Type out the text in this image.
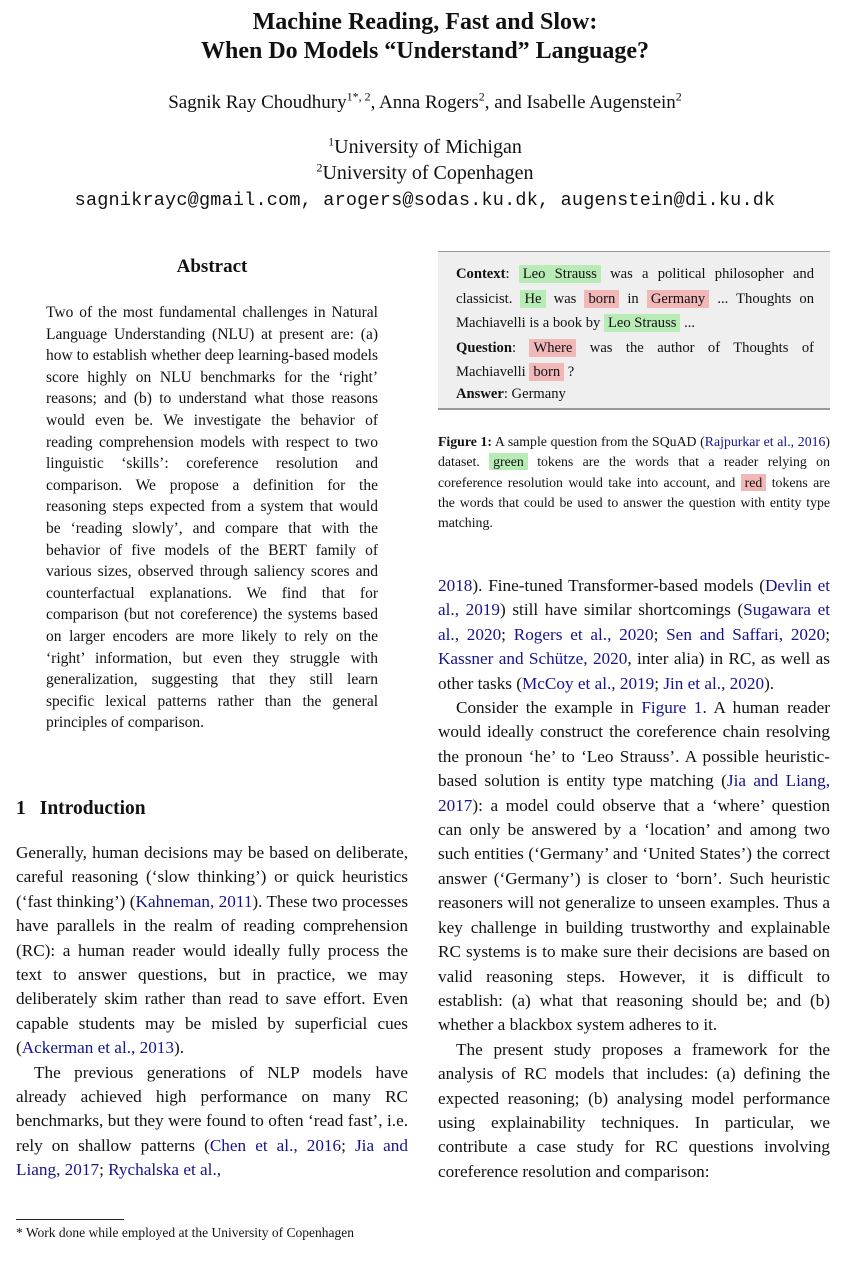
Machine Reading, Fast and Slow:
When Do Models “Understand” Language?
Sagnik Ray Choudhury$^{1*, 2}$, Anna Rogers$^2$, and Isabelle Augenstein$^2$
$^1$University of Michigan
$^2$University of Copenhagen
sagnikrayc@gmail.com, arogers@sodas.ku.dk, augenstein@di.ku.dk
Abstract
Two of the most fundamental challenges in Natural Language Understanding (NLU) at present are: (a) how to establish whether deep learning-based models score highly on NLU benchmarks for the ‘right’ reasons; and (b) to understand what those reasons would even be. We investigate the behavior of reading comprehension models with respect to two linguistic ‘skills’: coreference resolution and comparison. We propose a definition for the reasoning steps expected from a system that would be ‘reading slowly’, and compare that with the behavior of five models of the BERT family of various sizes, observed through saliency scores and counterfactual explanations. We find that for comparison (but not coreference) the systems based on larger encoders are more likely to rely on the ‘right’ information, but even they struggle with generalization, suggesting that they still learn specific lexical patterns rather than the general principles of comparison.
1 Introduction

Generally, human decisions may be based on deliberate, careful reasoning (‘slow thinking’) or quick heuristics (‘fast thinking’) (Kahneman, 2011). These two processes have parallels in the realm of reading comprehension (RC): a human reader would ideally fully process the text to answer questions, but in practice, we may deliberately skim rather than read to save effort. Even capable students may be misled by superficial cues (Ackerman et al., 2013).

The previous generations of NLP models have already achieved high performance on many RC benchmarks, but they were found to often ‘read fast’, i.e. rely on shallow patterns (Chen et al., 2016; Jia and Liang, 2017; Rychalska et al.,

* Work done while employed at the University of Copenhagen
Context: Leo Strauss was a political philosopher and classicist. He was born in Germany ... Thoughts on Machiavelli is a book by Leo Strauss ...
Question: Where was the author of Thoughts of Machiavelli born ?
Answer: Germany
Figure 1: A sample question from the SQuAD (Rajpurkar et al., 2016) dataset. green tokens are the words that a reader relying on coreference resolution would take into account, and red tokens are the words that could be used to answer the question with entity type matching.

2018). Fine-tuned Transformer-based models (Devlin et al., 2019) still have similar shortcomings (Sugawara et al., 2020; Rogers et al., 2020; Sen and Saffari, 2020; Kassner and Schütze, 2020, inter alia) in RC, as well as other tasks (McCoy et al., 2019; Jin et al., 2020).

Consider the example in Figure 1. A human reader would ideally construct the coreference chain resolving the pronoun ‘he’ to ‘Leo Strauss’. A possible heuristic-based solution is entity type matching (Jia and Liang, 2017): a model could observe that a ‘where’ question can only be answered by a ‘location’ and among two such entities (‘Germany’ and ‘United States’) the correct answer (‘Germany’) is closer to ‘born’. Such heuristic reasoners will not generalize to unseen examples. Thus a key challenge in building trustworthy and explainable RC systems is to make sure their decisions are based on valid reasoning steps. However, it is difficult to establish: (a) what that reasoning should be; and (b) whether a blackbox system adheres to it.

The present study proposes a framework for the analysis of RC models that includes: (a) defining the expected reasoning; (b) analysing model performance using explainability techniques. In particular, we contribute a case study for RC questions involving coreference resolution and comparison:
